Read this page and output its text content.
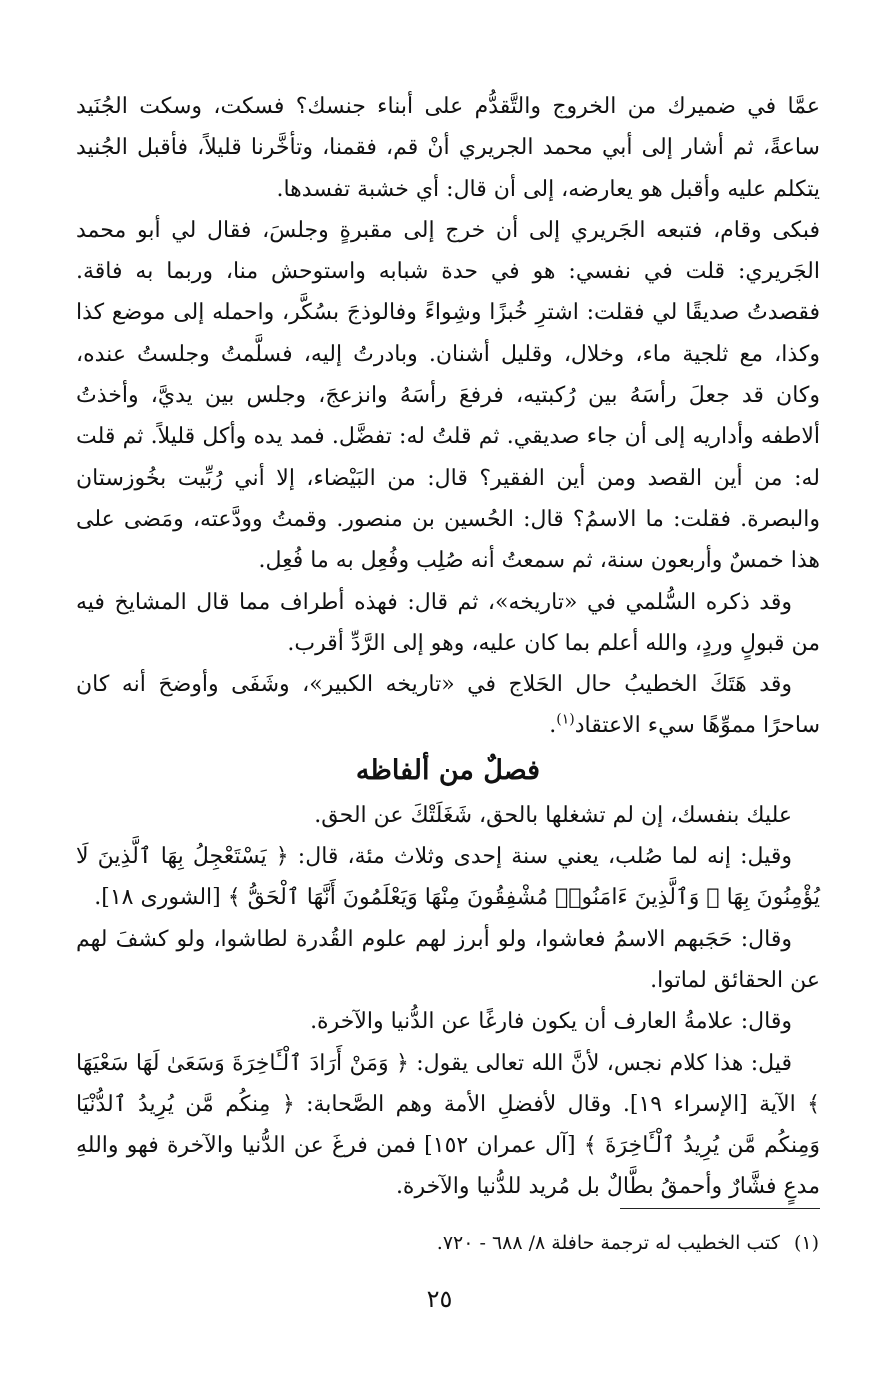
عمَّا في ضميرك من الخروج والتَّقدُّم على أبناء جنسك؟ فسكت، وسكت الجُنَيد ساعةً، ثم أشار إلى أبي محمد الجريري أنْ قم، فقمنا، وتأخَّرنا قليلاً، فأقبل الجُنيد يتكلم عليه وأقبل هو يعارضه، إلى أن قال: أي خشبة تفسدها.

فبكى وقام، فتبعه الجَريري إلى أن خرج إلى مقبرةٍ وجلسَ، فقال لي أبو محمد الجَريري: قلت في نفسي: هو في حدة شبابه واستوحش منا، وربما به فاقة. فقصدتُ صديقًا لي فقلت: اشترِ خُبزًا وشِواءً وفالوذجَ بسُكَّر، واحمله إلى موضع كذا وكذا، مع ثلجية ماء، وخلال، وقليل أشنان. وبادرتُ إليه، فسلَّمتُ وجلستُ عنده، وكان قد جعلَ رأسَهُ بين رُكبتيه، فرفعَ رأسَهُ وانزعجَ، وجلس بين يديَّ، وأخذتُ ألاطفه وأداريه إلى أن جاء صديقي. ثم قلتُ له: تفضَّل. فمد يده وأكل قليلاً. ثم قلت له: من أين القصد ومن أين الفقير؟ قال: من البَيْضاء، إلا أني رُبِّيت بخُوزستان والبصرة. فقلت: ما الاسمُ؟ قال: الحُسين بن منصور. وقمتُ وودَّعته، ومَضى على هذا خمسٌ وأربعون سنة، ثم سمعتُ أنه صُلِب وفُعِل به ما فُعِل.

وقد ذكره السُّلمي في «تاريخه»، ثم قال: فهذه أطراف مما قال المشايخ فيه من قبولٍ وردٍ، والله أعلم بما كان عليه، وهو إلى الرَّدِّ أقرب.

وقد هَتَكَ الخطيبُ حال الحَلاج في «تاريخه الكبير»، وشَفَى وأوضحَ أنه كان ساحرًا مموِّهًا سيء الاعتقاد$^{(١)}$.

فصلٌ من ألفاظه

عليك بنفسك، إن لم تشغلها بالحق، شَغَلَتْكَ عن الحق.

وقيل: إنه لما صُلب، يعني سنة إحدى وثلاث مئة، قال: ﴿ يَسْتَعْجِلُ بِهَا ٱلَّذِينَ لَا يُؤْمِنُونَ بِهَا ۖ وَٱلَّذِينَ ءَامَنُوا۟ مُشْفِقُونَ مِنْهَا وَيَعْلَمُونَ أَنَّهَا ٱلْحَقُّ ﴾ [الشورى ١٨].

وقال: حَجَبهم الاسمُ فعاشوا، ولو أبرز لهم علوم القُدرة لطاشوا، ولو كشفَ لهم عن الحقائق لماتوا.

وقال: علامةُ العارف أن يكون فارغًا عن الدُّنيا والآخرة.

قيل: هذا كلام نجس، لأنَّ الله تعالى يقول: ﴿ وَمَنْ أَرَادَ ٱلْـَٔاخِرَةَ وَسَعَىٰ لَهَا سَعْيَهَا ﴾ الآية [الإسراء ١٩]. وقال لأفضلِ الأمة وهم الصَّحابة: ﴿ مِنكُم مَّن يُرِيدُ ٱلدُّنْيَا وَمِنكُم مَّن يُرِيدُ ٱلْـَٔاخِرَةَ ﴾ [آل عمران ١٥٢] فمن فرغَ عن الدُّنيا والآخرة فهو واللهِ مدعٍ فشَّارٌ وأحمقُ بطَّالٌ بل مُريد للدُّنيا والآخرة.

(١)كتب الخطيب له ترجمة حافلة ٨/ ٦٨٨ - ٧٢٠.
٢٥
